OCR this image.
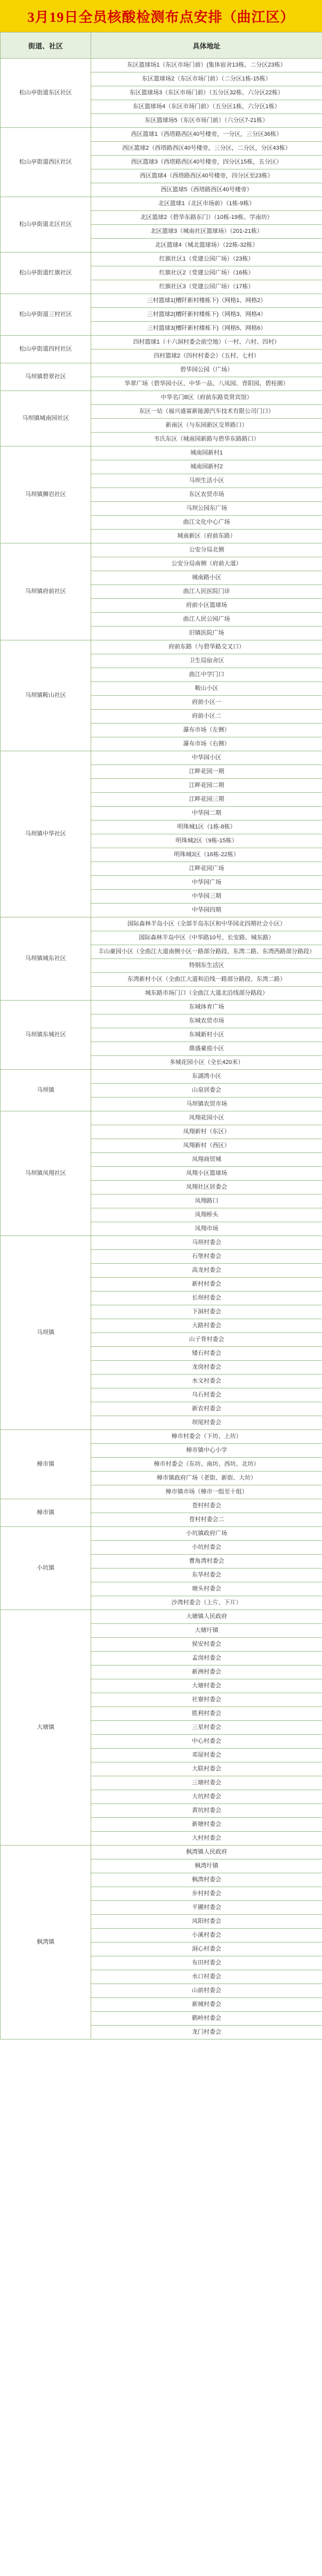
3月19日全员核酸检测布点安排（曲江区）
街道、社区	具体地址
松山亭街道东区社区	东区篮球场1（东区市场门前）(集体宿舍13栋、二分区23栋）
	东区篮球场2（东区市场门前）（二分区1栋-15栋）
	东区篮球场3（东区市场门前）（五分区32栋、六分区22栋）
	东区篮球场4（东区市场门前）（五分区1栋，六分区1栋）
	东区篮球场5（东区市场门前）（六分区7-21栋）
松山亭街道西区社区	西区篮球1（西塔路西区40号楼旁，一分区，三分区36栋）
	西区篮球2（西塔路西区40号楼旁，三分区，二分区，分区43栋）
	西区篮球3（西塔路西区40号楼旁，四分区15栋，五分区）
	西区篮球4（西塔路西区40号楼旁，四分区至23栋）
	西区篮球5（西塔路西区40号楼旁）
松山亭街道北区社区	北区篮球1（北区市场前）（1栋-9栋）
	北区篮球2（碧华东路东门）（10栋-19栋、学南坊）
	北区篮球3（城南社区篮球场）（201-21栋）
	北区篮球4（城北篮球场）（22栋-32栋）
松山亭街道红旗社区	红旗社区1（党建公园广场）（23栋）
	红旗社区2（党建公园广场）（16栋）
	红旗社区3（党建公园广场）（17栋）
松山亭街道三村社区	三村篮球1(槽阡新村楼栋下)（网格1、网格2）
	三村篮球2(槽阡新村楼栋下)（网格3、网格4）
	三村篮球3(槽阡新村楼栋下)（网格5、网格6）
松山亭街道四村社区	四村篮球1（十六洞村委会前空地）（一村、六村、四村）
	四村篮球2（四村村委会）（五村、七村）
马坝镇碧翠社区	碧华园公园（广场）
	华翠广场（碧华园小区、中华一品、八凤园、青阳园、碧桂園）
马坝镇城南园社区	中华名门B区（府前东路莫贤宾馆）
	东区一站（福兴盛富新能源汽车技术有限公司门口）
	新南区（与东园新区交界路口）
	韦氏东区（城南园新路与碧华东路路口）
马坝镇狮岩社区	城南园新村1
	城南园新村2
	马坝生活小区
	东区农贸市场
	马坝公园东广场
	曲江文化中心广场
	城南新区（府前东路）
马坝镇府前社区	公安分局北侧
	公安分局南侧（府前大道）
	城南路小区
	曲江人民医院门诊
	府前小区篮球场
	曲江人民公园广场
	旧镇医院广场
马坝镇鞍山社区	府前东路（与碧华路交叉口）
	卫生局宿舍区
	曲江中学门口
	鞍山小区
	府前小区一
	府前小区二
	瀑布市场（左侧）
	瀑布市场（右侧）
马坝镇中华社区	中华园小区
	江畔花园一期
	江畔花园二期
	江畔花园三期
	中华园二期
	明珠城1区（1栋-8栋）
	明珠城2区（9栋-15栋）
	明珠城3区（16栋-22栋）
	江畔花园广场
	中华园广场
	中华园三期
	中华园四期
马坝镇城东社区	国际森林半岛小区（全部半岛东区和中华园北四期社会小区）
	国际森林半岛中区（中华路10号、长安路、城东路）
	丰山豪园小区（全曲江大道南侧小区一路部分路段、东湾二路、东湾西路部分路段）
	特钢东生活区
	东湾新村小区（全曲江大道和沿线一路部分路段、东湾二路）
	城东路市场门口（全曲江大道北沿线部分路段）
马坝镇东城社区	东城体育广场
	东城农贸市场
	东城新村小区
	鼎盛豪庭小区
	多城花园小区（全长420米）
马坝镇	东湖湾小区
	山泉居委会
	马坝镇农贸市场
马坝镇凤翔社区	凤翔花园小区
	凤翔新村（东区）
	凤翔新村（西区）
	凤翔商贸城
	凤翔小区篮球场
	凤翔社区居委会
	凤翔路口
	凤翔桥头
	凤翔市场
马坝镇	马坝村委会
	石堡村委会
	高龙村委会
	新村村委会
	长坝村委会
	下洞村委会
	大路村委会
	山子背村委会
	矮石村委会
	龙岗村委会
	水文村委会
	乌石村委会
	新农村委会
	坝尾村委会
樟市镇	樟市村委会（下坊、上坊）
	樟市镇中心小学
	樟市村委会（东坊、南坊、西坊、北坊）
	樟市镇政府广场（老街、新街、大坊）
	樟市镇市场（樟市一组至十组）
樟市镇	苍村村委会
	苍村村委会二
小坑镇	小坑镇政府广场
	小坑村委会
	曹角湾村委会
	东华村委会
	塘头村委会
	沙湾村委会（上片、下片）
大塘镇	大塘镇人民政府
	大塘圩镇
	侯安村委会
	孟岗村委会
	新洲村委会
	大塘村委会
	社寮村委会
	胜利村委会
	三星村委会
	中心村委会
	邓屋村委会
	大联村委会
	三塘村委会
	大坑村委会
	黄坑村委会
	新塘村委会
	大村村委会
枫湾镇	枫湾镇人民政府
	枫湾圩镇
	枫湾村委会
	步村村委会
	平圃村委会
	凤阳村委会
	小溪村委会
	洞心村委会
	布田村委会
	水口村委会
	山前村委会
	新城村委会
	鹤岭村委会
	龙门村委会
